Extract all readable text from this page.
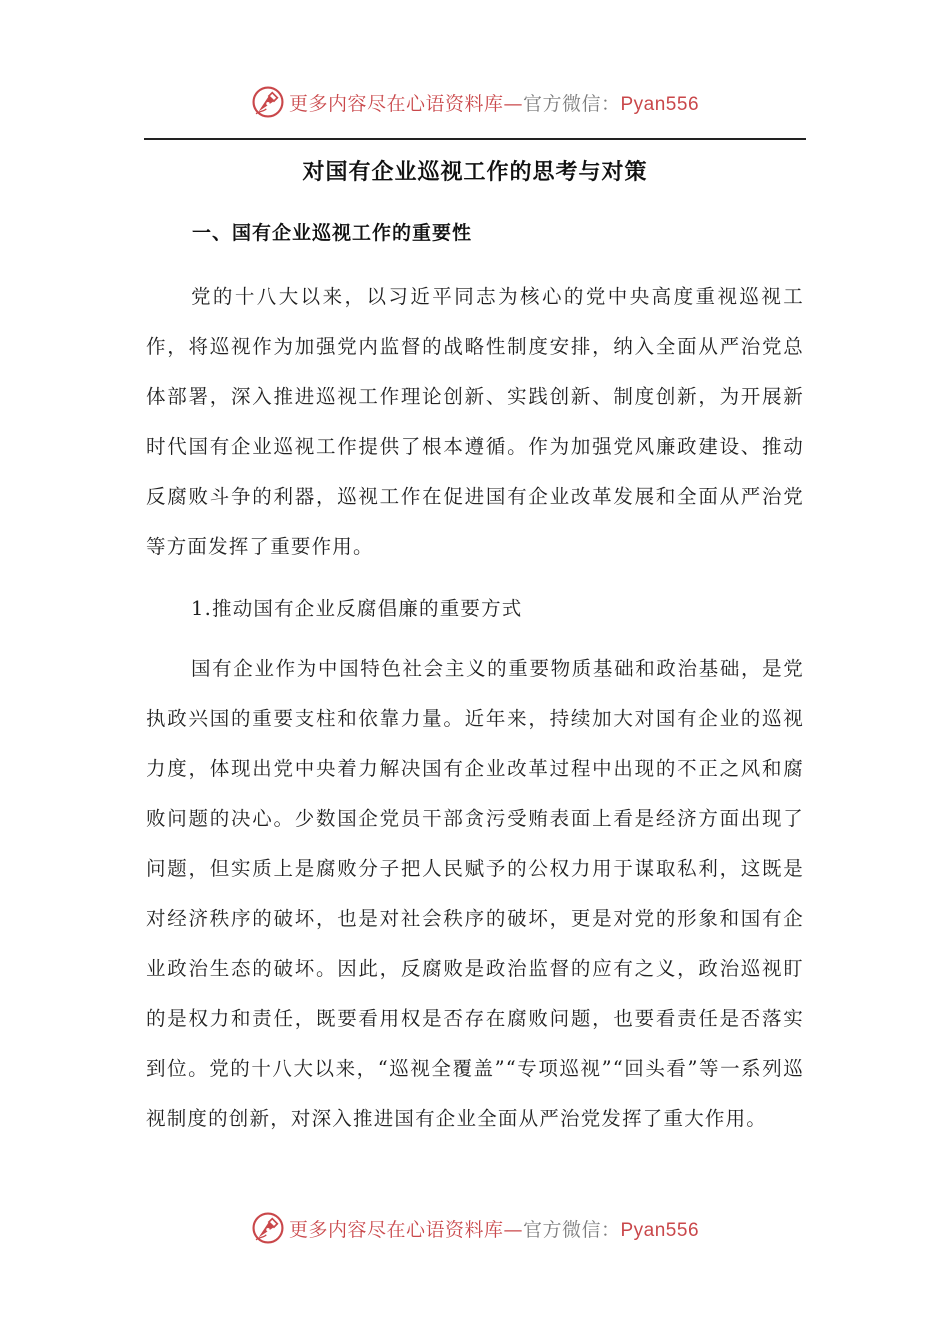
更多内容尽在心语资料库—官方微信：Pyan556
对国有企业巡视工作的思考与对策
一、国有企业巡视工作的重要性

党的十八大以来，以习近平同志为核心的党中央高度重视巡视工作，将巡视作为加强党内监督的战略性制度安排，纳入全面从严治党总体部署，深入推进巡视工作理论创新、实践创新、制度创新，为开展新时代国有企业巡视工作提供了根本遵循。作为加强党风廉政建设、推动反腐败斗争的利器，巡视工作在促进国有企业改革发展和全面从严治党等方面发挥了重要作用。

1.推动国有企业反腐倡廉的重要方式

国有企业作为中国特色社会主义的重要物质基础和政治基础，是党执政兴国的重要支柱和依靠力量。近年来，持续加大对国有企业的巡视力度，体现出党中央着力解决国有企业改革过程中出现的不正之风和腐败问题的决心。少数国企党员干部贪污受贿表面上看是经济方面出现了问题，但实质上是腐败分子把人民赋予的公权力用于谋取私利，这既是对经济秩序的破坏，也是对社会秩序的破坏，更是对党的形象和国有企业政治生态的破坏。因此，反腐败是政治监督的应有之义，政治巡视盯的是权力和责任，既要看用权是否存在腐败问题，也要看责任是否落实到位。党的十八大以来，“巡视全覆盖”“专项巡视”“回头看”等一系列巡视制度的创新，对深入推进国有企业全面从严治党发挥了重大作用。

更多内容尽在心语资料库—官方微信：Pyan556
